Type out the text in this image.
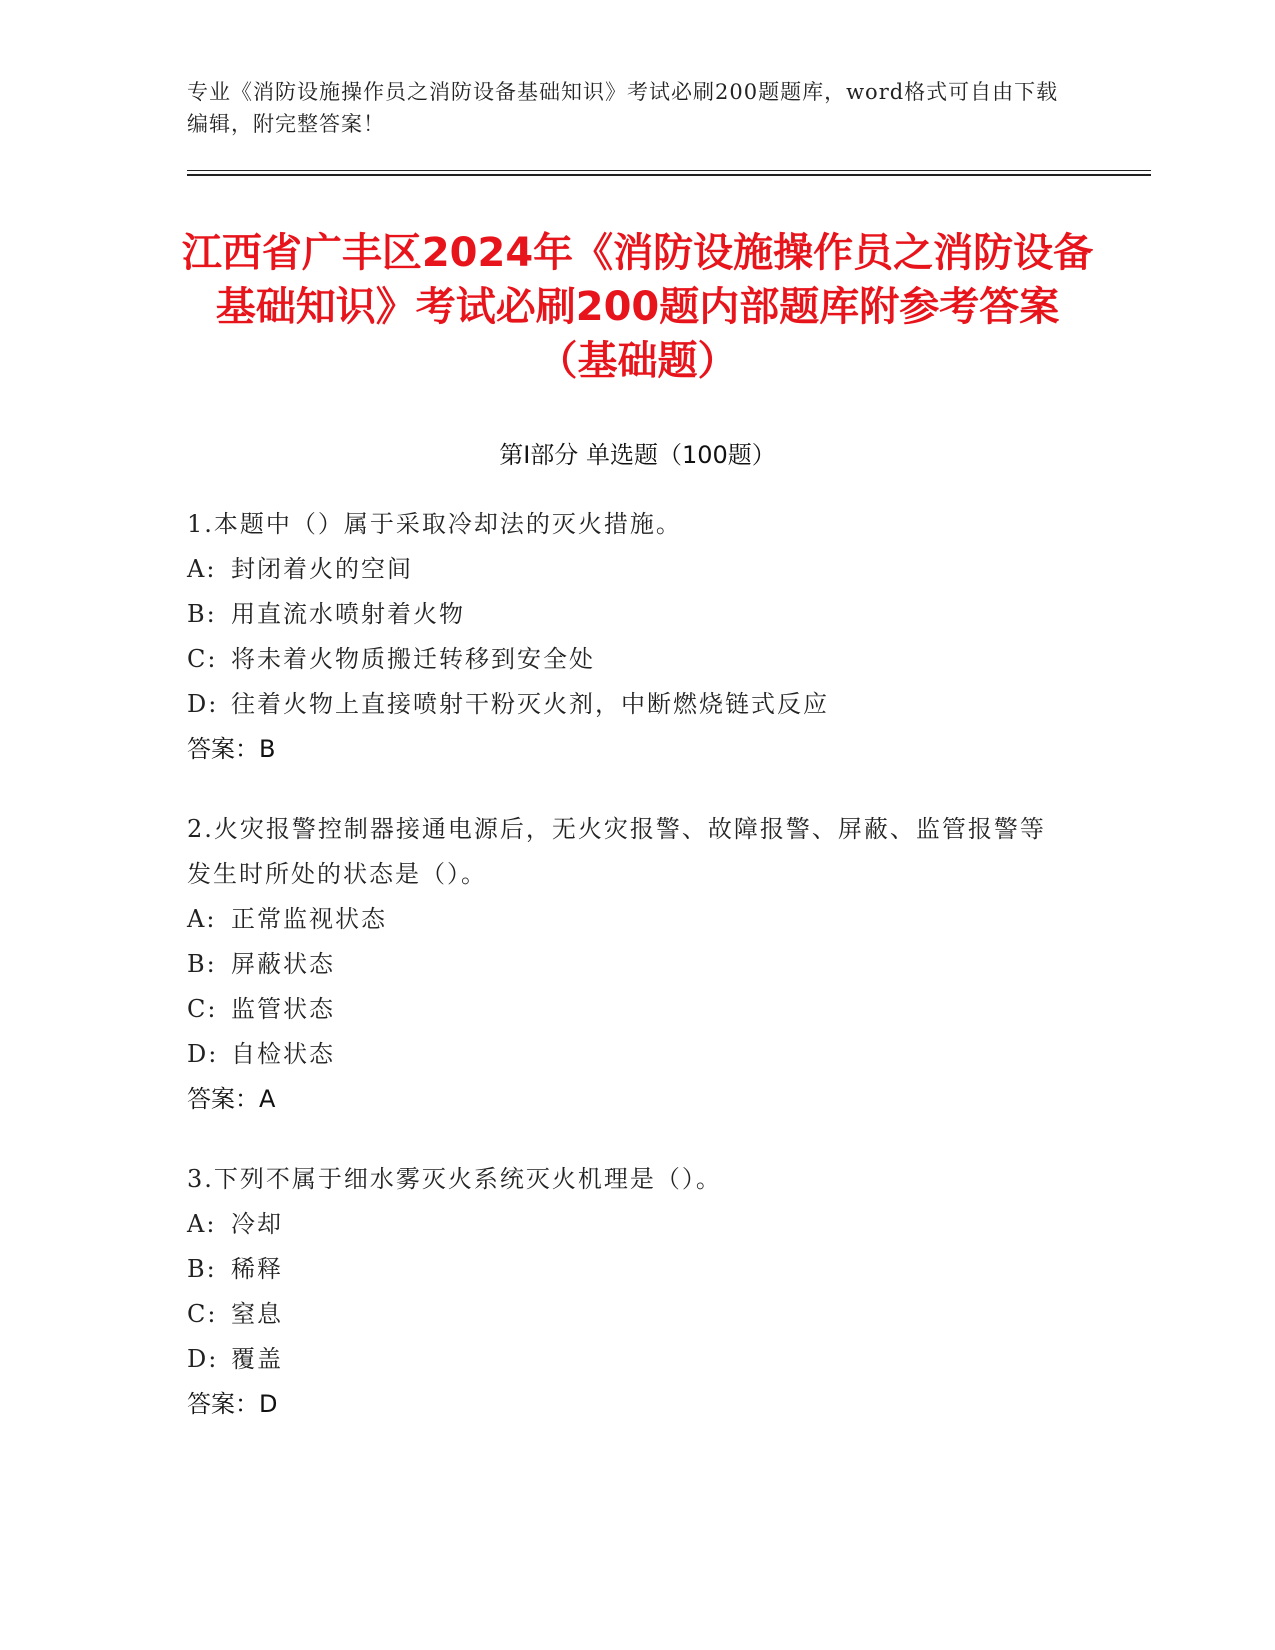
专业《消防设施操作员之消防设备基础知识》考试必刷200题题库，word格式可自由下载编辑，附完整答案！
江西省广丰区2024年《消防设施操作员之消防设备基础知识》考试必刷200题内部题库附参考答案（基础题）
第Ⅰ部分 单选题（100题）
1.本题中（）属于采取冷却法的灭火措施。
A: 封闭着火的空间
B: 用直流水喷射着火物
C: 将未着火物质搬迁转移到安全处
D: 往着火物上直接喷射干粉灭火剂，中断燃烧链式反应
答案：B
2.火灾报警控制器接通电源后，无火灾报警、故障报警、屏蔽、监管报警等发生时所处的状态是（）。
A: 正常监视状态
B: 屏蔽状态
C: 监管状态
D: 自检状态
答案：A
3.下列不属于细水雾灭火系统灭火机理是（）。
A: 冷却
B: 稀释
C: 窒息
D: 覆盖
答案：D
